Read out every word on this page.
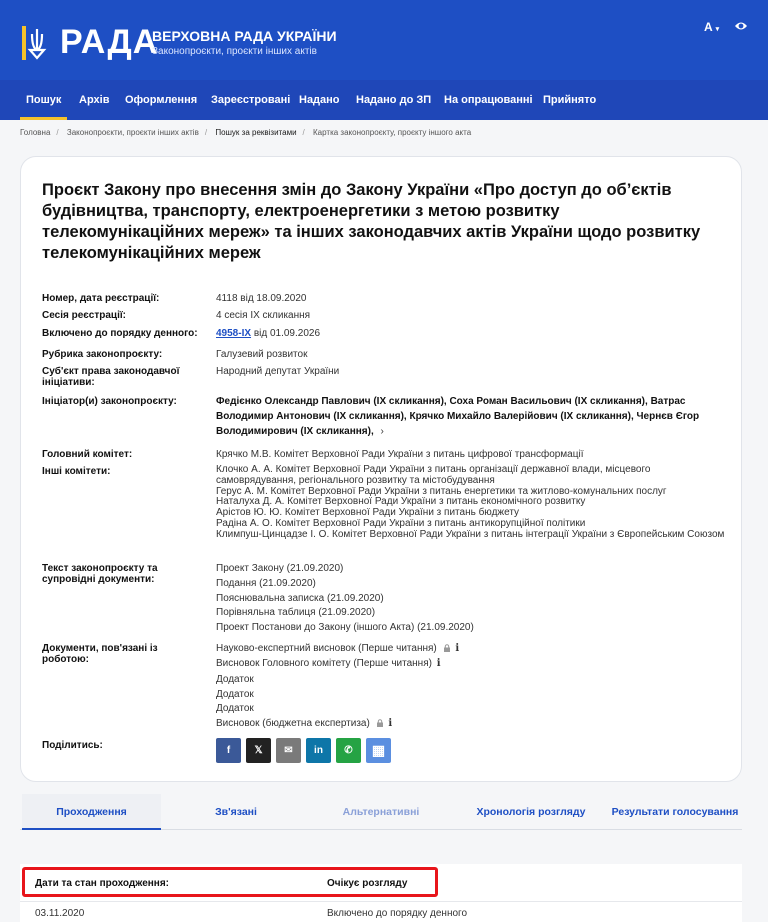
РАДА
ВЕРХОВНА РАДА УКРАЇНИ
Законопроєкти, проєкти інших актів
A ▾
Пошук Архів Оформлення Зареєстровані Надано Надано до ЗП На опрацюванні Прийнято
Головна / Законопроєкти, проєкти інших актів / Пошук за реквізитами / Картка законопроєкту, проєкту іншого акта
Проєкт Закону про внесення змін до Закону України «Про доступ до об’єктів будівництва, транспорту, електроенергетики з метою розвитку телекомунікаційних мереж» та інших законодавчих актів України щодо розвитку телекомунікаційних мереж
Номер, дата реєстрації:	4118 від 18.09.2020
Сесія реєстрації:	4 сесія IX скликання
Включено до порядку денного:	4958-IX від 01.09.2026
Рубрика законопроєкту:	Галузевий розвиток
Суб'єкт права законодавчої ініціативи:
Народний депутат України
Ініціатор(и) законопроєкту:	Федієнко Олександр Павлович (IX скликання), Соха Роман Васильович (IX скликання), Ватрас Володимир Антонович (IX скликання), Крячко Михайло Валерійович (IX скликання), Чернєв Єгор Володимирович (IX скликання), ›
Головний комітет:	Крячко М.В. Комітет Верховної Ради України з питань цифрової трансформації
Інші комітети:	Клочко А. А. Комітет Верховної Ради України з питань організації державної влади, місцевого самоврядування, регіонального розвитку та містобудування
Герус А. М. Комітет Верховної Ради України з питань енергетики та житлово-комунальних послуг
Наталуха Д. А. Комітет Верховної Ради України з питань економічного розвитку
Арістов Ю. Ю. Комітет Верховної Ради України з питань бюджету
Радіна А. О. Комітет Верховної Ради України з питань антикорупційної політики
Климпуш-Цинцадзе І. О. Комітет Верховної Ради України з питань інтеграції України з Європейським Союзом
Текст законопроєкту та супровідні документи:
Проект Закону (21.09.2020)
Подання (21.09.2020)
Пояснювальна записка (21.09.2020)
Порівняльна таблиця (21.09.2020)
Проект Постанови до Закону (іншого Акта) (21.09.2020)
Документи, пов'язані із роботою:
Науково-експертний висновок (Перше читання) i
Висновок Головного комітету (Перше читання) i
Додаток
Додаток
Додаток
Висновок (бюджетна експертиза) i
Поділитись:	f	𝕏	✉	in	✆	▦
Проходження	Зв'язані	Альтернативні	Хронологія розгляду	Результати голосування
Дати та стан проходження:	Очікує розгляду
03.11.2020	Включено до порядку денного
